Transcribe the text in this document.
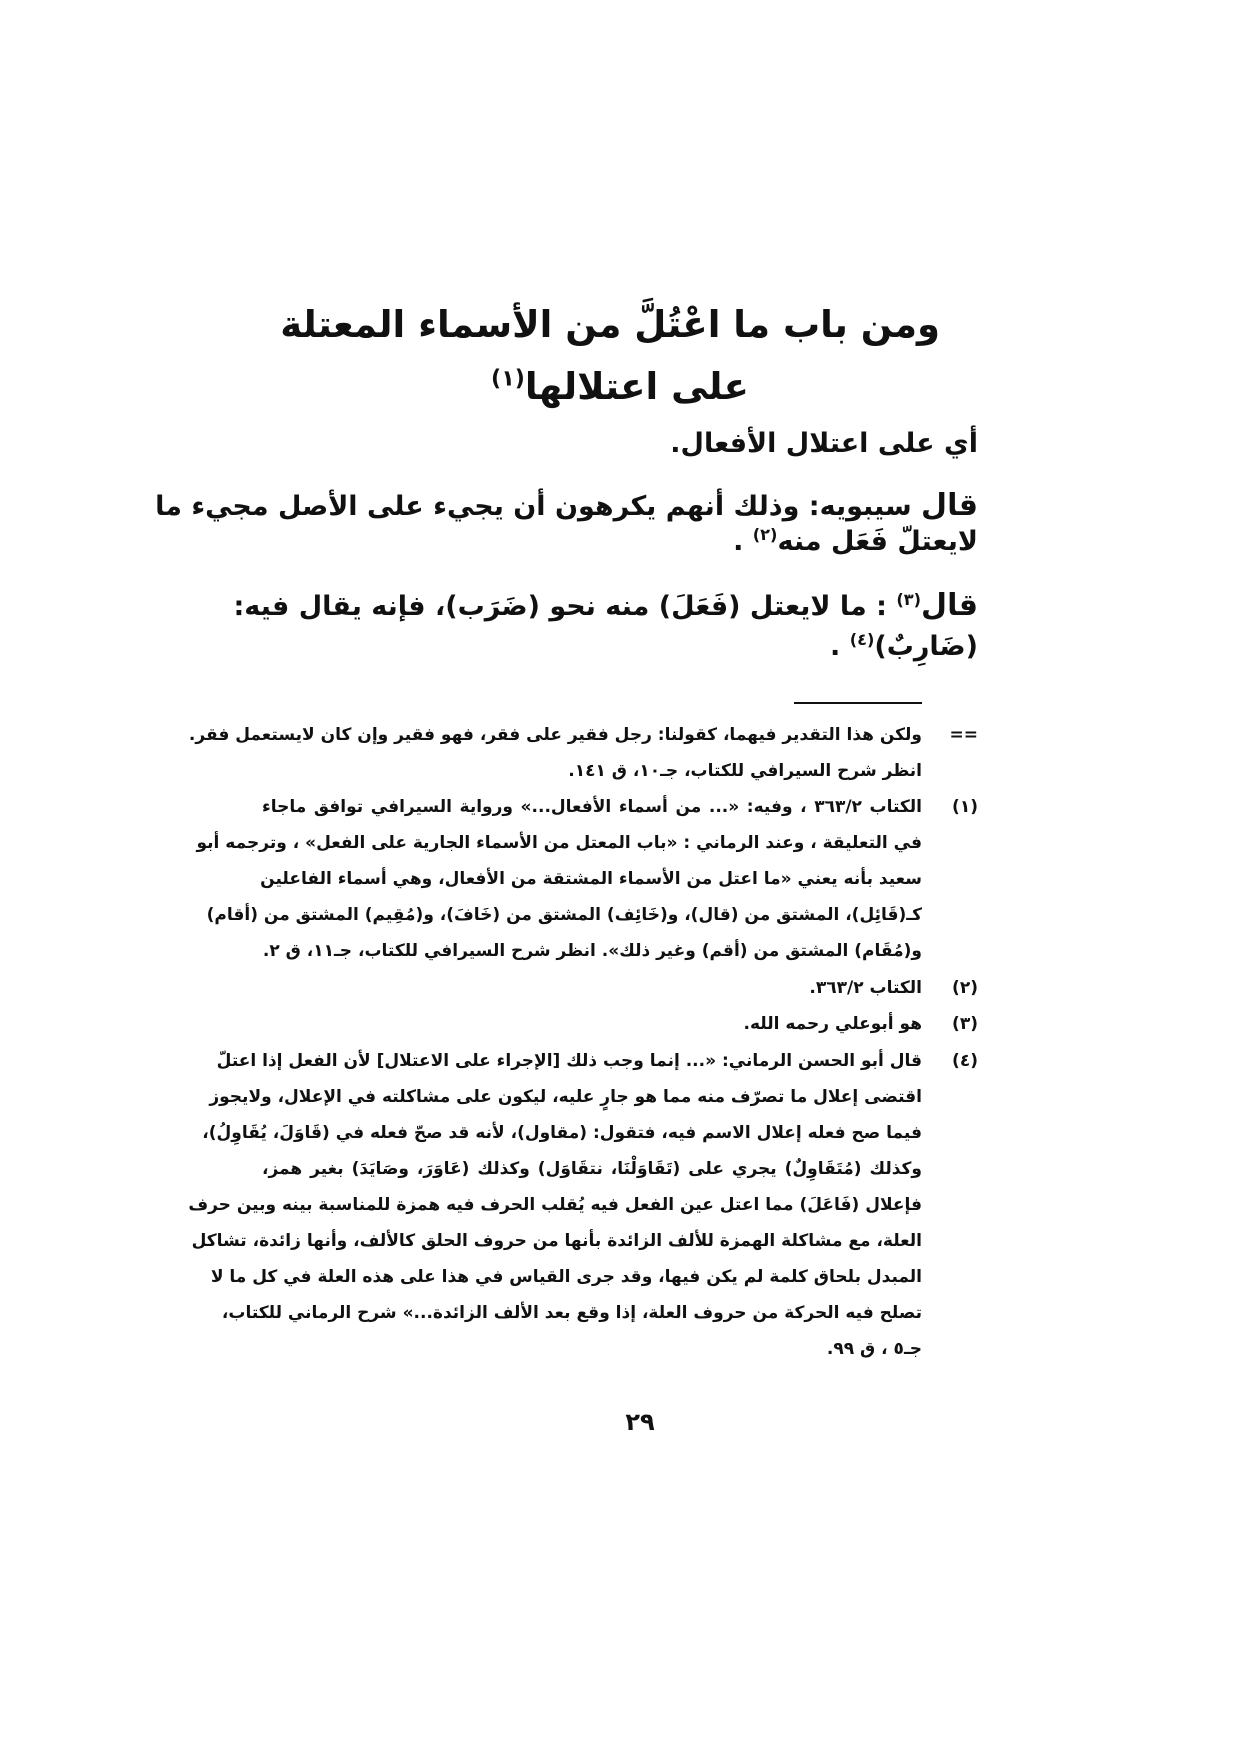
ومن باب ما اعْتُلَّ من الأسماء المعتلة
على اعتلالها$^{(١)}$
أي على اعتلال الأفعال.
قال سيبويه: وذلك أنهم يكرهون أن يجيء على الأصل مجيء ما
لايعتلّ فَعَل منه$^{(٢)}$ .
قال$^{(٣)}$ : ما لايعتل (فَعَلَ) منه نحو (ضَرَب)، فإنه يقال فيه:
(ضَارِبٌ)$^{(٤)}$ .
==
ولكن هذا التقدير فيهما، كقولنا: رجل فقير على فقر، فهو فقير وإن كان لايستعمل فقر.
انظر شرح السيرافي للكتاب، جـ١٠، ق ١٤١.
(١)
الكتاب ٣٦٣/٢ ، وفيه: «... من أسماء الأفعال...» ورواية السيرافي توافق ماجاء
في التعليقة ، وعند الرماني : «باب المعتل من الأسماء الجارية على الفعل» ، وترجمه أبو
سعيد بأنه يعني «ما اعتل من الأسماء المشتقة من الأفعال، وهي أسماء الفاعلين
كـ(قَائِل)، المشتق من (قال)، و(خَائِف) المشتق من (خَافَ)، و(مُقِيم) المشتق من (أقام)
و(مُقَام) المشتق من (أقم) وغير ذلك». انظر شرح السيرافي للكتاب، جـ١١، ق ٢.
(٢)
الكتاب ٣٦٣/٢.
(٣)
هو أبوعلي رحمه الله.
(٤)
قال أبو الحسن الرماني: «... إنما وجب ذلك [الإجراء على الاعتلال] لأن الفعل إذا اعتلّ
اقتضى إعلال ما تصرّف منه مما هو جارٍ عليه، ليكون على مشاكلته في الإعلال، ولايجوز
فيما صح فعله إعلال الاسم فيه، فتقول: (مقاول)، لأنه قد صحّ فعله في (قَاوَلَ، يُقَاوِلُ)،
وكذلك (مُتَقَاوِلٌ) يجري على (تَقَاوَلْنَا، نتقَاوَل) وكذلك (عَاوَرَ، وصَايَدَ) بغير همز،
فإعلال (فَاعَلَ) مما اعتل عين الفعل فيه يُقلب الحرف فيه همزة للمناسبة بينه وبين حرف
العلة، مع مشاكلة الهمزة للألف الزائدة بأنها من حروف الحلق كالألف، وأنها زائدة، تشاكل
المبدل بلحاق كلمة لم يكن فيها، وقد جرى القياس في هذا على هذه العلة في كل ما لا
تصلح فيه الحركة من حروف العلة، إذا وقع بعد الألف الزائدة...» شرح الرماني للكتاب،
جـ٥ ، ق ٩٩.
٢٩
